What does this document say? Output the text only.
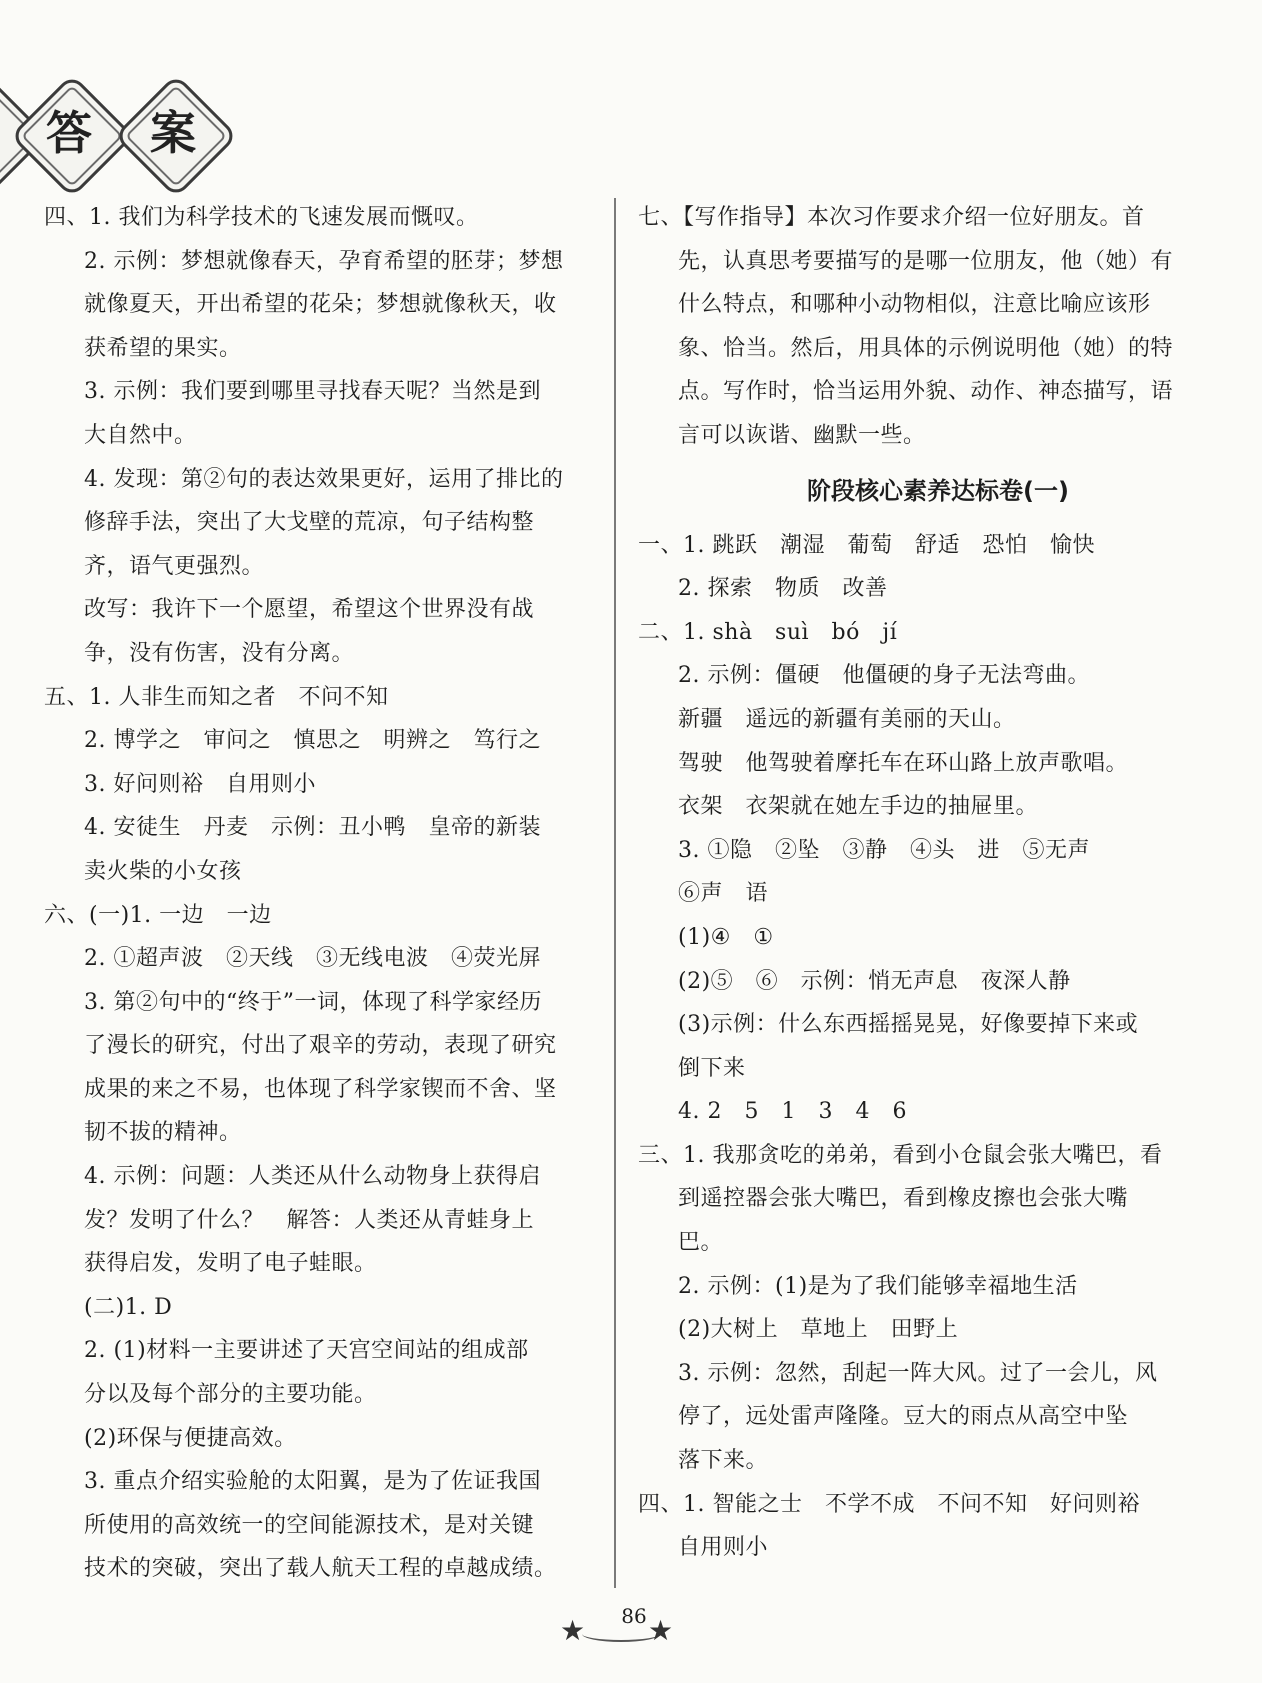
答	案

四、1. 我们为科学技术的飞速发展而慨叹。

2. 示例：梦想就像春天，孕育希望的胚芽；梦想

就像夏天，开出希望的花朵；梦想就像秋天，收

获希望的果实。

3. 示例：我们要到哪里寻找春天呢？当然是到

大自然中。

4. 发现：第②句的表达效果更好，运用了排比的

修辞手法，突出了大戈壁的荒凉，句子结构整

齐，语气更强烈。

改写：我许下一个愿望，希望这个世界没有战

争，没有伤害，没有分离。

五、1. 人非生而知之者　不问不知

2. 博学之　审问之　慎思之　明辨之　笃行之

3. 好问则裕　自用则小

4. 安徒生　丹麦　示例：丑小鸭　皇帝的新装

卖火柴的小女孩

六、(一)1. 一边　一边

2. ①超声波　②天线　③无线电波　④荧光屏

3. 第②句中的“终于”一词，体现了科学家经历

了漫长的研究，付出了艰辛的劳动，表现了研究

成果的来之不易，也体现了科学家锲而不舍、坚

韧不拔的精神。

4. 示例：问题：人类还从什么动物身上获得启

发？发明了什么？　解答：人类还从青蛙身上

获得启发，发明了电子蛙眼。

(二)1. D

2. (1)材料一主要讲述了天宫空间站的组成部

分以及每个部分的主要功能。

(2)环保与便捷高效。

3. 重点介绍实验舱的太阳翼，是为了佐证我国

所使用的高效统一的空间能源技术，是对关键

技术的突破，突出了载人航天工程的卓越成绩。

七、【写作指导】本次习作要求介绍一位好朋友。首

先，认真思考要描写的是哪一位朋友，他（她）有

什么特点，和哪种小动物相似，注意比喻应该形

象、恰当。然后，用具体的示例说明他（她）的特

点。写作时，恰当运用外貌、动作、神态描写，语

言可以诙谐、幽默一些。

阶段核心素养达标卷(一)

一、1. 跳跃　潮湿　葡萄　舒适　恐怕　愉快

2. 探索　物质　改善

二、1. shà　suì　bó　jí

2. 示例：僵硬　他僵硬的身子无法弯曲。

新疆　遥远的新疆有美丽的天山。

驾驶　他驾驶着摩托车在环山路上放声歌唱。

衣架　衣架就在她左手边的抽屉里。

3. ①隐　②坠　③静　④头　进　⑤无声

⑥声　语

(1)④　①

(2)⑤　⑥　示例：悄无声息　夜深人静

(3)示例：什么东西摇摇晃晃，好像要掉下来或

倒下来

4. 2　5　1　3　4　6

三、1. 我那贪吃的弟弟，看到小仓鼠会张大嘴巴，看

到遥控器会张大嘴巴，看到橡皮擦也会张大嘴

巴。

2. 示例：(1)是为了我们能够幸福地生活

(2)大树上　草地上　田野上

3. 示例：忽然，刮起一阵大风。过了一会儿，风

停了，远处雷声隆隆。豆大的雨点从高空中坠

落下来。

四、1. 智能之士　不学不成　不问不知　好问则裕

自用则小

★	86 ★
